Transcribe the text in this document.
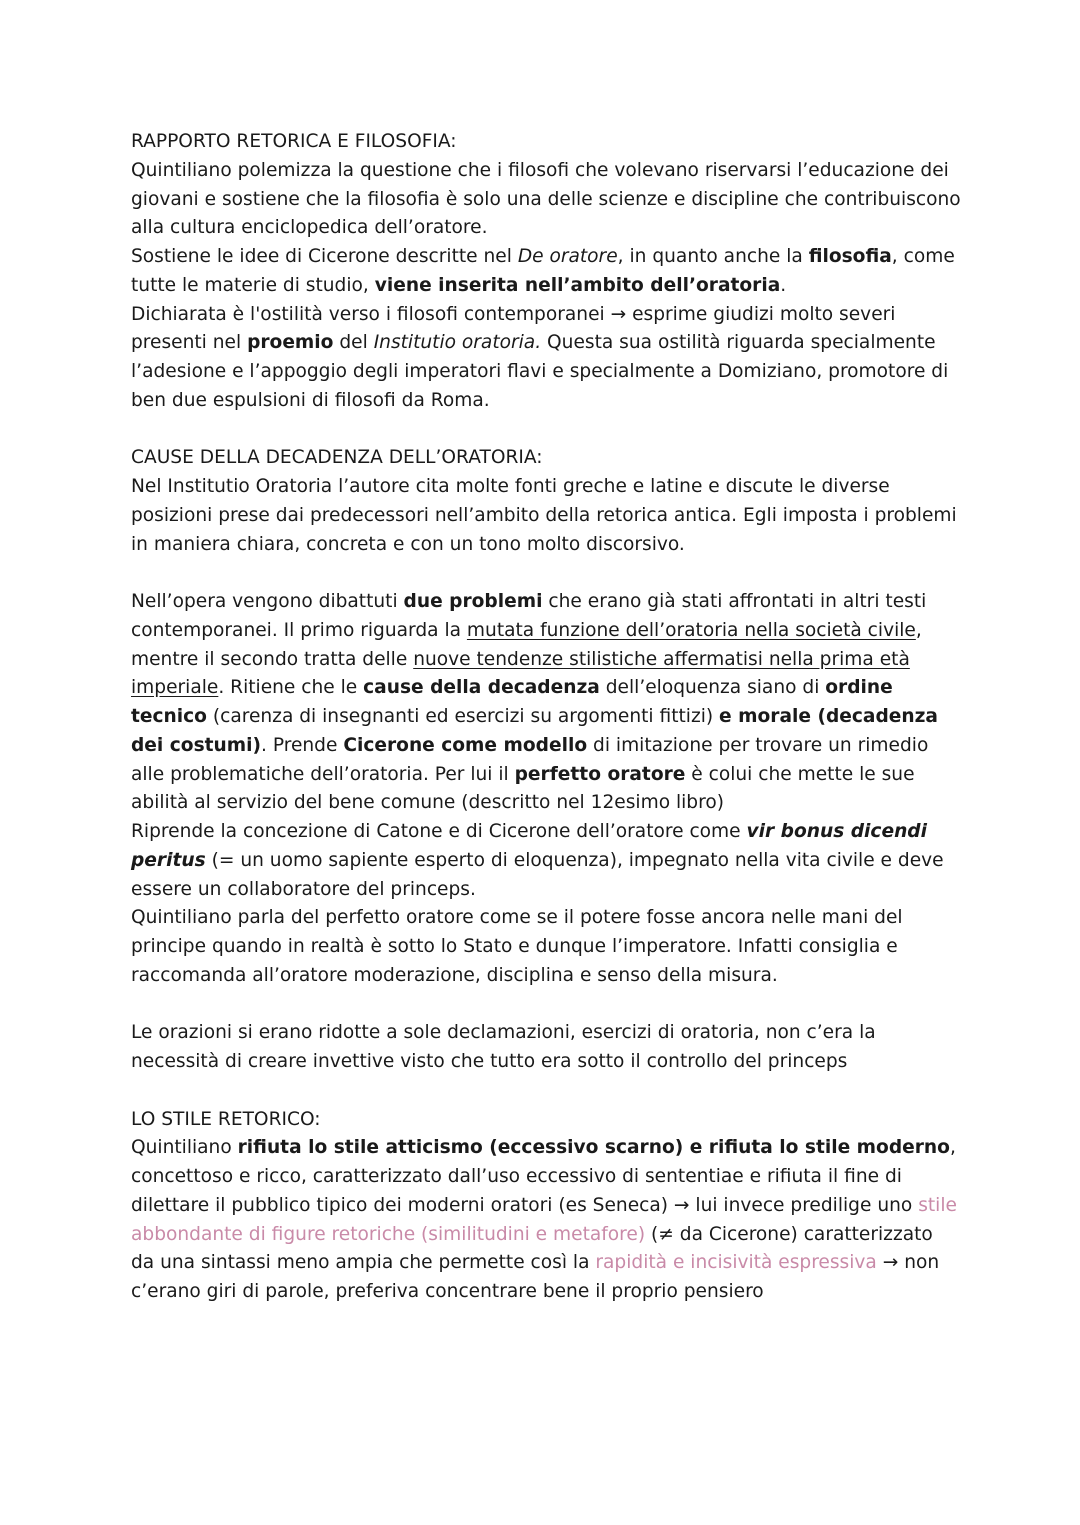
RAPPORTO RETORICA E FILOSOFIA:

Quintiliano polemizza la questione che i filosofi che volevano riservarsi l’educazione dei giovani e sostiene che la filosofia è solo una delle scienze e discipline che contribuiscono alla cultura enciclopedica dell’oratore.

Sostiene le idee di Cicerone descritte nel De oratore, in quanto anche la filosofia, come tutte le materie di studio, viene inserita nell’ambito dell’oratoria.

Dichiarata è l'ostilità verso i filosofi contemporanei → esprime giudizi molto severi presenti nel proemio del Institutio oratoria. Questa sua ostilità riguarda specialmente l’adesione e l’appoggio degli imperatori flavi e specialmente a Domiziano, promotore di ben due espulsioni di filosofi da Roma.

CAUSE DELLA DECADENZA DELL’ORATORIA:

Nel Institutio Oratoria l’autore cita molte fonti greche e latine e discute le diverse posizioni prese dai predecessori nell’ambito della retorica antica. Egli imposta i problemi in maniera chiara, concreta e con un tono molto discorsivo.

Nell’opera vengono dibattuti due problemi che erano già stati affrontati in altri testi contemporanei. Il primo riguarda la mutata funzione dell’oratoria nella società civile, mentre il secondo tratta delle nuove tendenze stilistiche affermatisi nella prima età imperiale. Ritiene che le cause della decadenza dell’eloquenza siano di ordine tecnico (carenza di insegnanti ed esercizi su argomenti fittizi) e morale (decadenza dei costumi). Prende Cicerone come modello di imitazione per trovare un rimedio alle problematiche dell’oratoria. Per lui il perfetto oratore è colui che mette le sue abilità al servizio del bene comune (descritto nel 12esimo libro)

Riprende la concezione di Catone e di Cicerone dell’oratore come vir bonus dicendi peritus (= un uomo sapiente esperto di eloquenza), impegnato nella vita civile e deve essere un collaboratore del princeps.

Quintiliano parla del perfetto oratore come se il potere fosse ancora nelle mani del principe quando in realtà è sotto lo Stato e dunque l’imperatore. Infatti consiglia e raccomanda all’oratore moderazione, disciplina e senso della misura.

Le orazioni si erano ridotte a sole declamazioni, esercizi di oratoria, non c’era la necessità di creare invettive visto che tutto era sotto il controllo del princeps

LO STILE RETORICO:

Quintiliano rifiuta lo stile atticismo (eccessivo scarno) e rifiuta lo stile moderno, concettoso e ricco, caratterizzato dall’uso eccessivo di sententiae e rifiuta il fine di dilettare il pubblico tipico dei moderni oratori (es Seneca) → lui invece predilige uno stile abbondante di figure retoriche (similitudini e metafore) (≠ da Cicerone) caratterizzato da una sintassi meno ampia che permette così la rapidità e incisività espressiva → non c’erano giri di parole, preferiva concentrare bene il proprio pensiero
